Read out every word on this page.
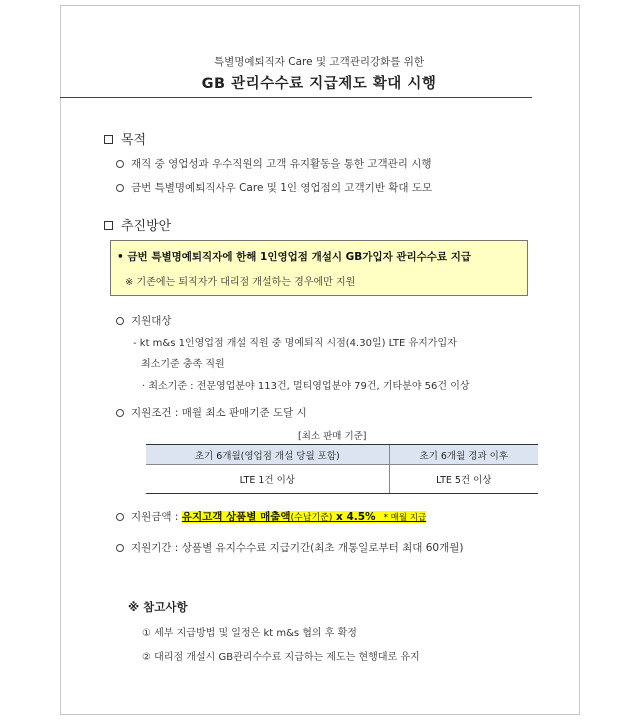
특별명예퇴직자 Care 및 고객관리강화를 위한
GB 관리수수료 지급제도 확대 시행
목적
재직 중 영업성과 우수직원의 고객 유지활동을 통한 고객관리 시행
금번 특별명예퇴직사우 Care 및 1인 영업점의 고객기반 확대 도모
추진방안
• 금번 특별명예퇴직자에 한해 1인영업점 개설시 GB가입자 관리수수료 지급
※ 기존에는 퇴직자가 대리점 개설하는 경우에만 지원
지원대상
- kt m&s 1인영업점 개설 직원 중 명예퇴직 시점(4.30일) LTE 유지가입자
최소기준 충족 직원
· 최소기준 : 전문영업분야 113건, 멀티영업분야 79건, 기타분야 56건 이상
지원조건 : 매월 최소 판매기준 도달 시
[최소 판매 기준]
초기 6개월(영업점 개설 당월 포함)	초기 6개월 경과 이후
LTE 1건 이상	LTE 5건 이상
지원금액 : 유지고객 상품별 매출액(수납기준) x 4.5%   * 매월 지급
지원기간 : 상품별 유지수수료 지급기간(최초 개통일로부터 최대 60개월)
※ 참고사항
① 세부 지급방법 및 일정은 kt m&s 협의 후 확정
② 대리점 개설시 GB관리수수료 지급하는 제도는 현행대로 유지
